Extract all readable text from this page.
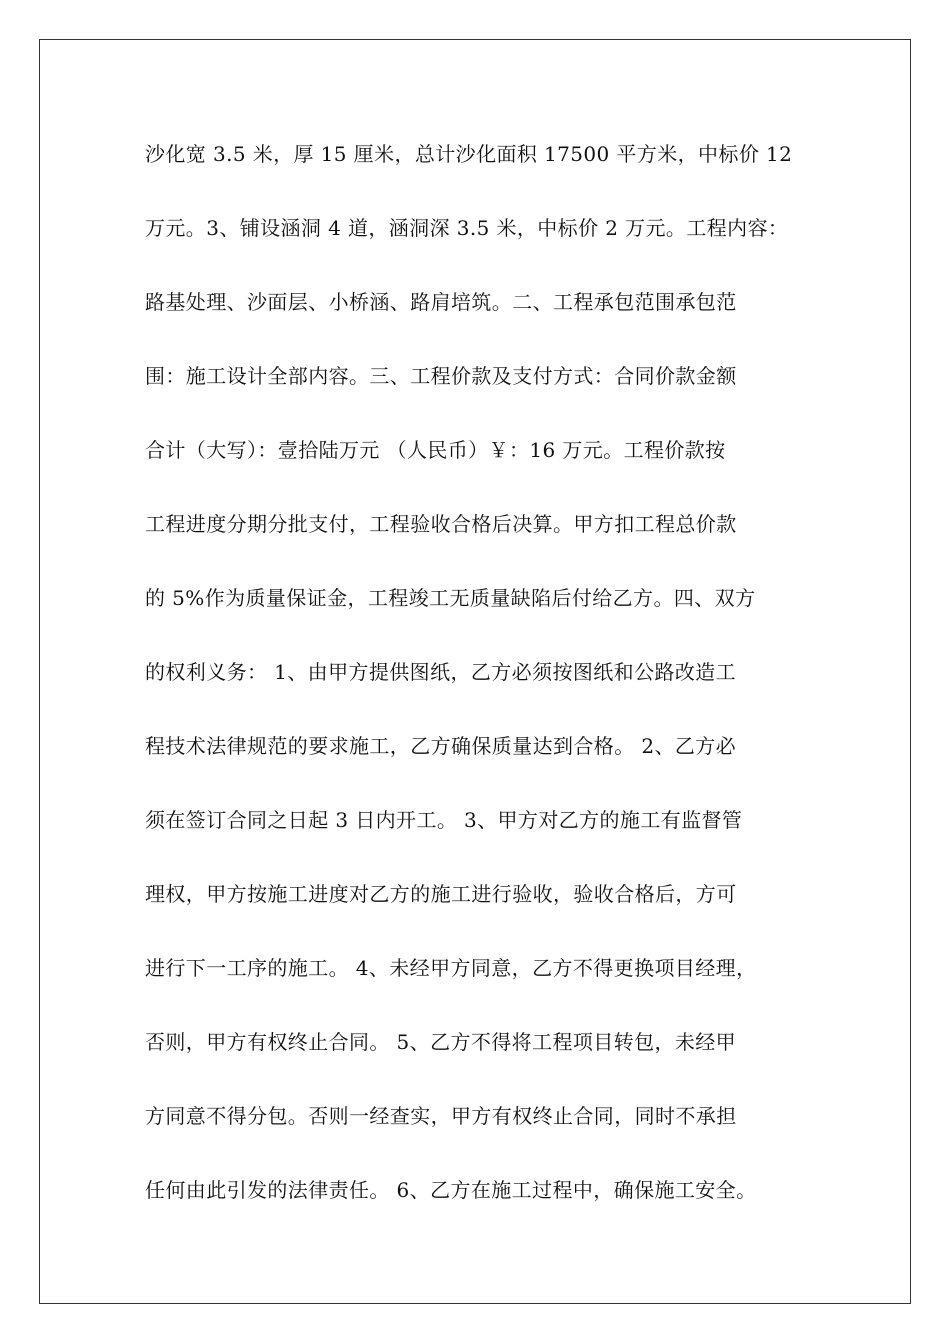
沙化宽 3.5 米，厚 15 厘米，总计沙化面积 17500 平方米，中标价 12
万元。3、铺设涵洞 4 道，涵洞深 3.5 米，中标价 2 万元。工程内容：
路基处理、沙面层、小桥涵、路肩培筑。二、工程承包范围承包范
围：施工设计全部内容。三、工程价款及支付方式：合同价款金额
合计（大写）：壹拾陆万元 （人民币）￥：16 万元。工程价款按
工程进度分期分批支付，工程验收合格后决算。甲方扣工程总价款
的 5%作为质量保证金，工程竣工无质量缺陷后付给乙方。四、双方
的权利义务： 1、由甲方提供图纸，乙方必须按图纸和公路改造工
程技术法律规范的要求施工，乙方确保质量达到合格。 2、乙方必
须在签订合同之日起 3 日内开工。 3、甲方对乙方的施工有监督管
理权，甲方按施工进度对乙方的施工进行验收，验收合格后，方可
进行下一工序的施工。 4、未经甲方同意，乙方不得更换项目经理，
否则，甲方有权终止合同。 5、乙方不得将工程项目转包，未经甲
方同意不得分包。否则一经查实，甲方有权终止合同，同时不承担
任何由此引发的法律责任。 6、乙方在施工过程中，确保施工安全。
